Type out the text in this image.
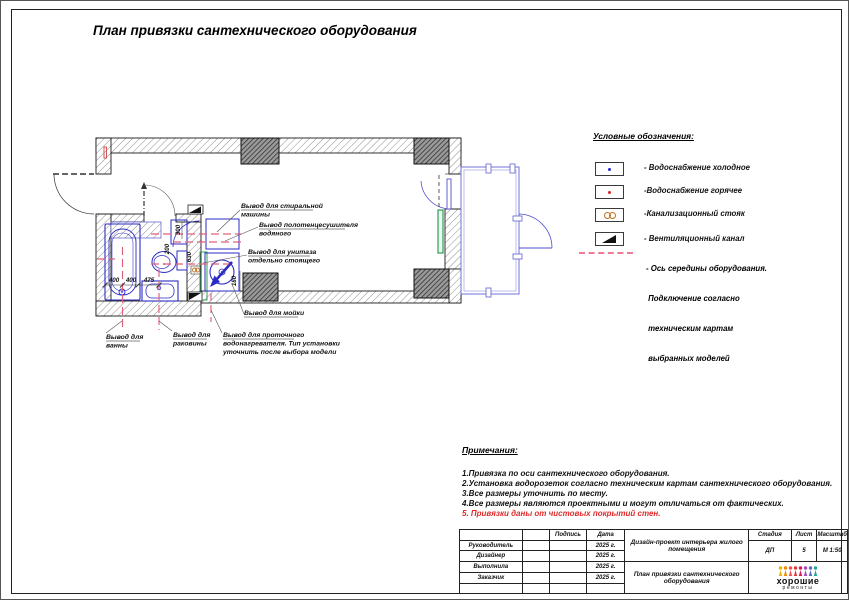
План привязки сантехнического оборудования
400 400 475
300
200
630
180
Вывод для стиральной
машины
Вывод полотенцесушителя
водяного
Вывод для унитаза
отдельно стоящего
Вывод для мойки
Вывод для
ванны
Вывод для
раковины
Вывод для проточного
водонагревателя. Тип установки
уточнить после выбора модели
Условные обозначения:
- Водоснабжение холодное
-Водоснабжение горячее
-Канализационный стояк
- Вентиляционный канал

- Ось середины оборудования.

Подключение согласно

техническим картам

выбранных моделей

Примечания:
1.Привязка по оси сантехнического оборудования.
2.Установка водорозеток согласно техническим картам сантехнического оборудования.
3.Все размеры уточнить по месту.
4.Все размеры являются проектными и могут отличаться от фактических.
5. Привязки даны от чистовых покрытий стен.
		Подпись	Дата	Дизайн-проект интерьера жилого помещения	Стадия	Лист	Масштаб
Руководитель			2025 г.		ДП	5	М 1:50
Дизайнер			2025 г.				
Выполнила			2025 г.	План привязки сантехнического оборудования	хорошие
ремонты		

Заказчик			2025 г.				
